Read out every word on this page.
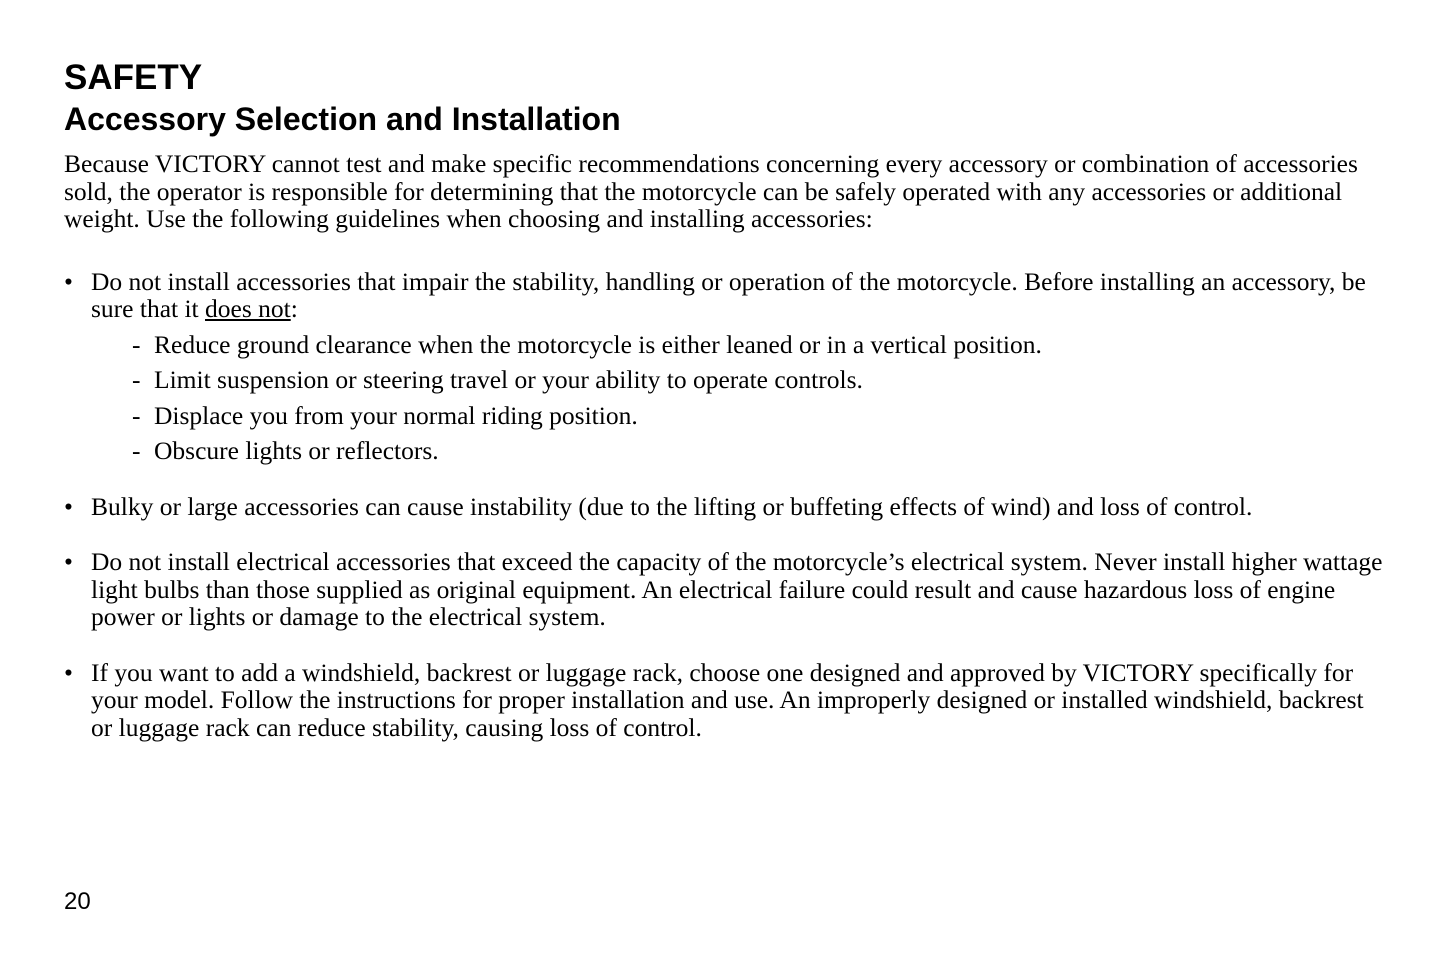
SAFETY
Accessory Selection and Installation

Because VICTORY cannot test and make specific recommendations concerning every accessory or combination of accessories sold, the operator is responsible for determining that the motorcycle can be safely operated with any accessories or additional weight. Use the following guidelines when choosing and installing accessories:

• Do not install accessories that impair the stability, handling or operation of the motorcycle. Before installing an accessory, be sure that it does not:
- Reduce ground clearance when the motorcycle is either leaned or in a vertical position.
- Limit suspension or steering travel or your ability to operate controls.
- Displace you from your normal riding position.
- Obscure lights or reflectors.
• Bulky or large accessories can cause instability (due to the lifting or buffeting effects of wind) and loss of control.
• Do not install electrical accessories that exceed the capacity of the motorcycle’s electrical system. Never install higher wattage light bulbs than those supplied as original equipment. An electrical failure could result and cause hazardous loss of engine power or lights or damage to the electrical system.
• If you want to add a windshield, backrest or luggage rack, choose one designed and approved by VICTORY specifically for your model. Follow the instructions for proper installation and use. An improperly designed or installed windshield, backrest or luggage rack can reduce stability, causing loss of control.
20
